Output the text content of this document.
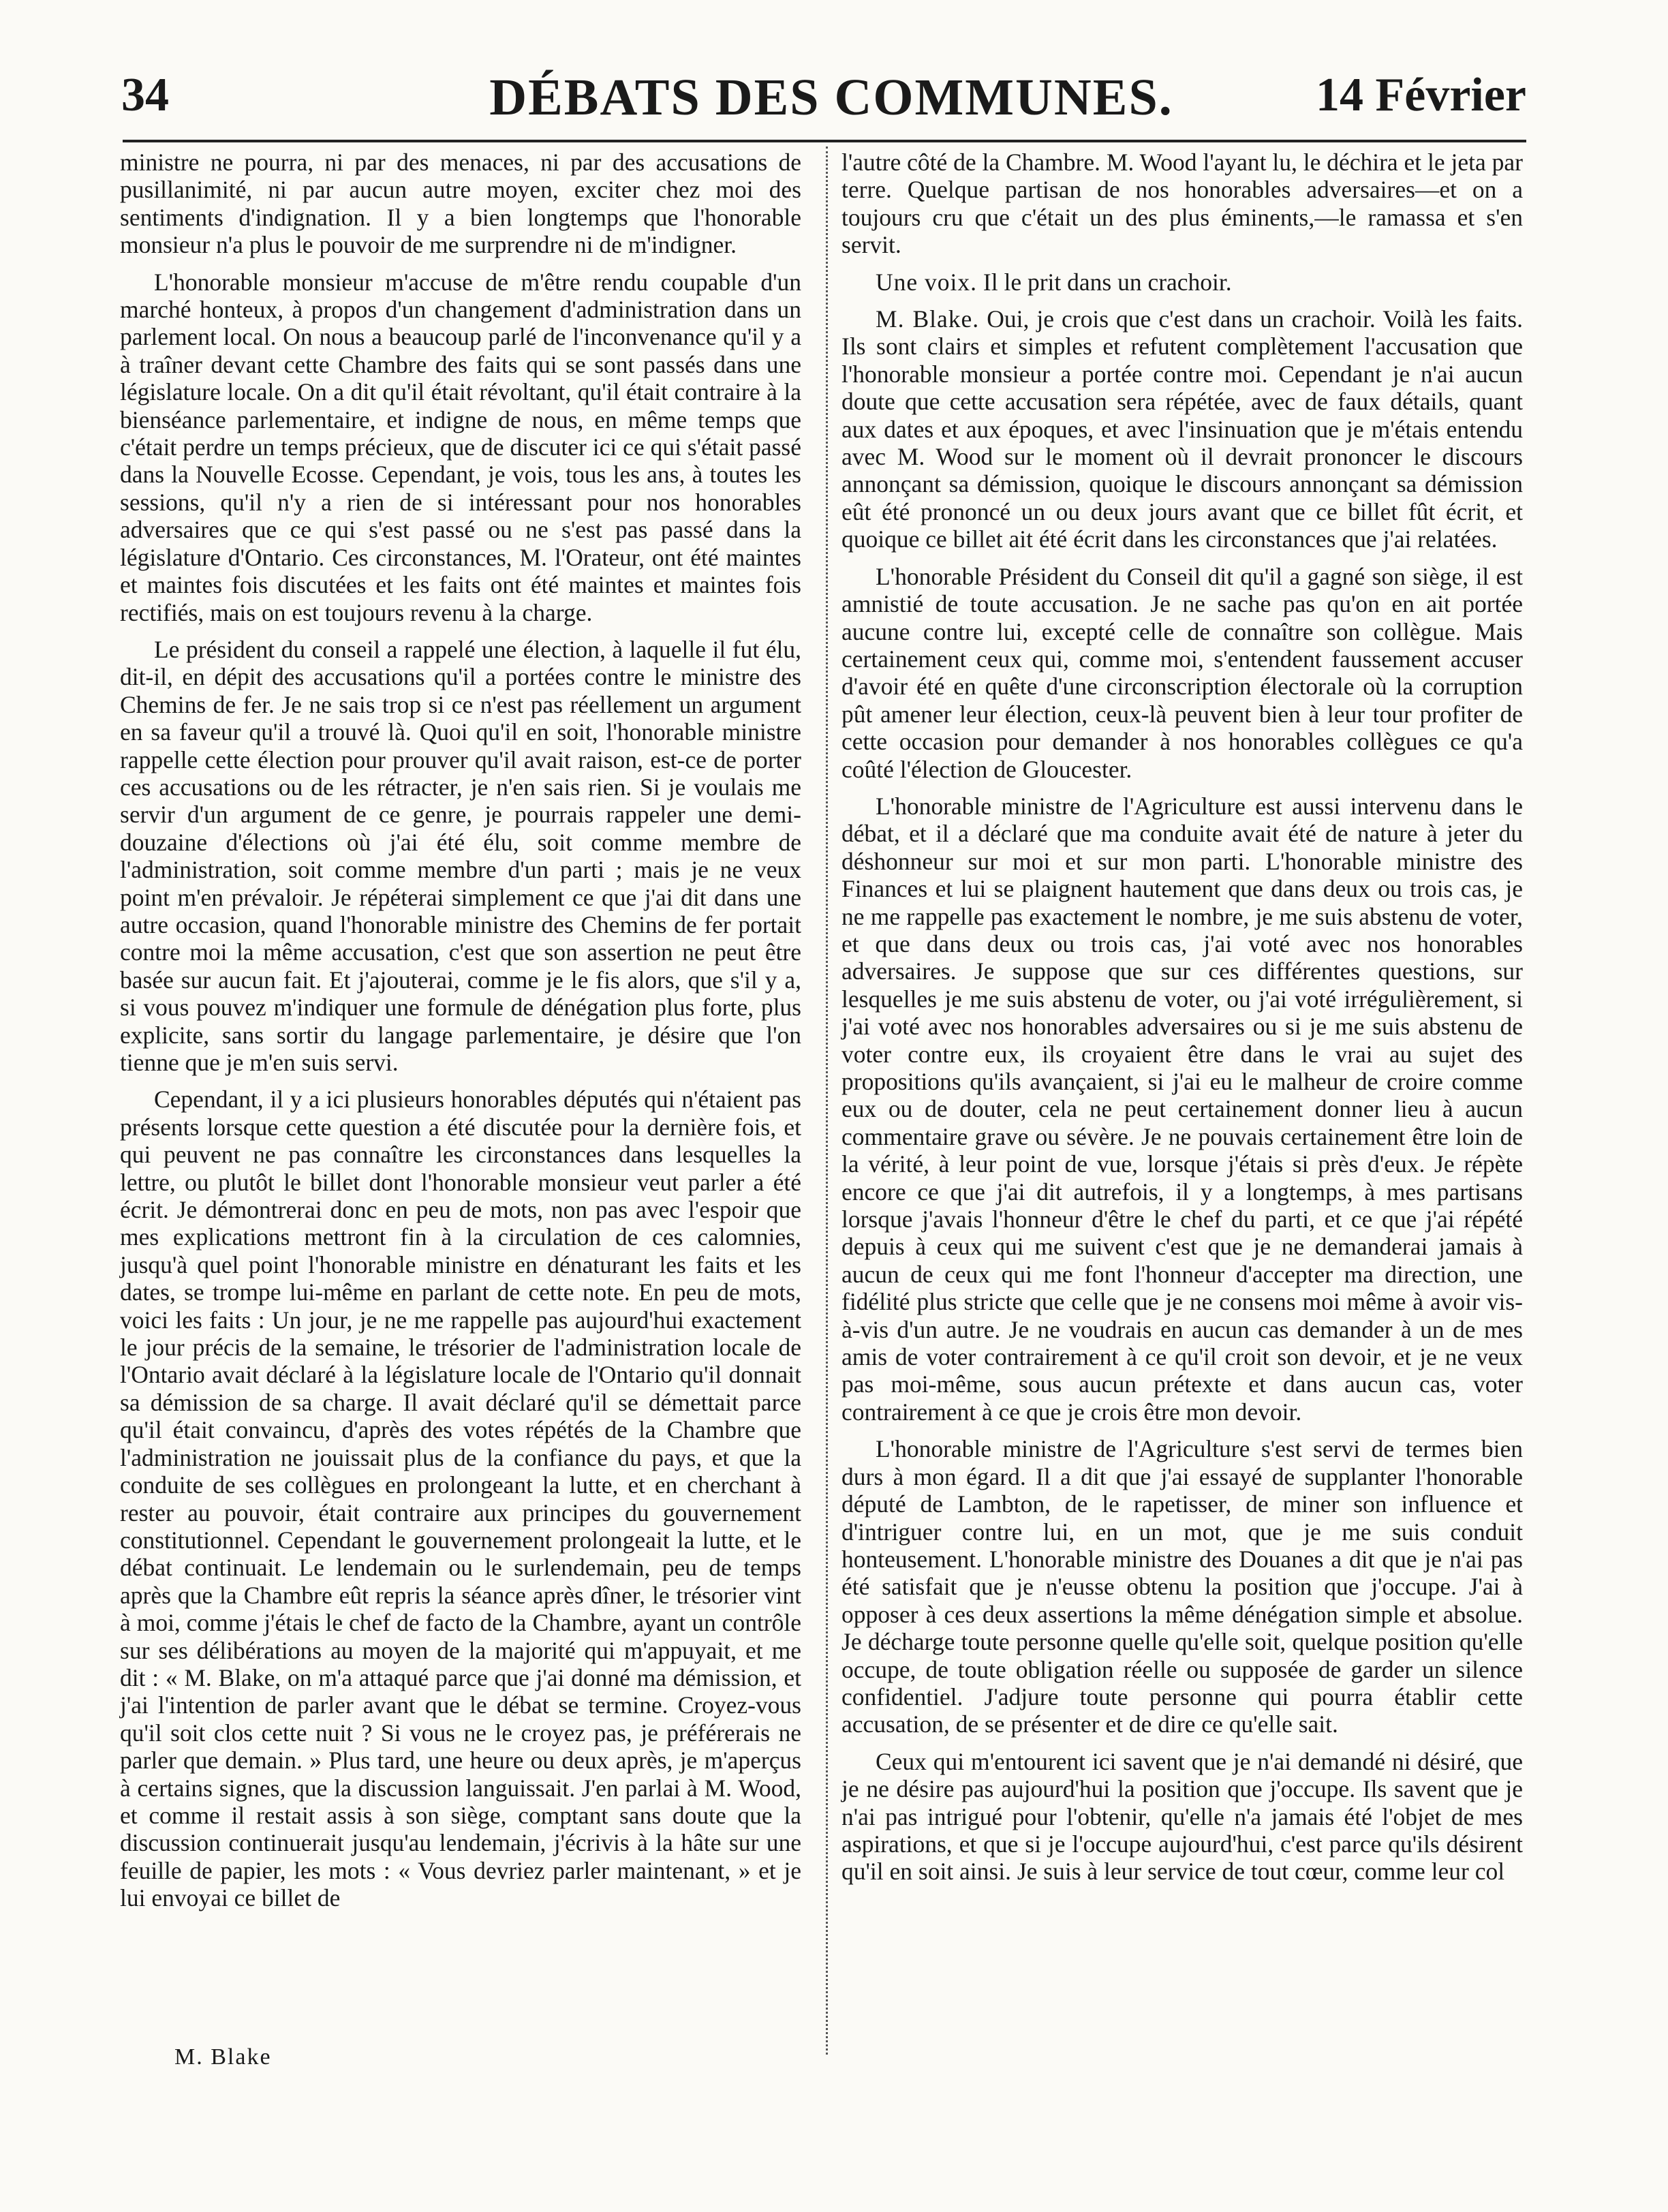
34	DÉBATS DES COMMUNES.	14 Février

ministre ne pourra, ni par des menaces, ni par des accusations de pusillanimité, ni par aucun autre moyen, exciter chez moi des sentiments d'indignation. Il y a bien longtemps que l'honorable monsieur n'a plus le pouvoir de me surprendre ni de m'indigner.

L'honorable monsieur m'accuse de m'être rendu coupable d'un marché honteux, à propos d'un changement d'administration dans un parlement local. On nous a beaucoup parlé de l'inconvenance qu'il y a à traîner devant cette Chambre des faits qui se sont passés dans une législature locale. On a dit qu'il était révoltant, qu'il était contraire à la bienséance parlementaire, et indigne de nous, en même temps que c'était perdre un temps précieux, que de discuter ici ce qui s'était passé dans la Nouvelle Ecosse. Cependant, je vois, tous les ans, à toutes les sessions, qu'il n'y a rien de si intéressant pour nos honorables adversaires que ce qui s'est passé ou ne s'est pas passé dans la législature d'Ontario. Ces circonstances, M. l'Orateur, ont été maintes et maintes fois discutées et les faits ont été maintes et maintes fois rectifiés, mais on est toujours revenu à la charge.

Le président du conseil a rappelé une élection, à laquelle il fut élu, dit-il, en dépit des accusations qu'il a portées contre le ministre des Chemins de fer. Je ne sais trop si ce n'est pas réellement un argument en sa faveur qu'il a trouvé là. Quoi qu'il en soit, l'honorable ministre rappelle cette élection pour prouver qu'il avait raison, est-ce de porter ces accusations ou de les rétracter, je n'en sais rien. Si je voulais me servir d'un argument de ce genre, je pourrais rappeler une demi-douzaine d'élections où j'ai été élu, soit comme membre de l'administration, soit comme membre d'un parti ; mais je ne veux point m'en prévaloir. Je répéterai simplement ce que j'ai dit dans une autre occasion, quand l'honorable ministre des Chemins de fer portait contre moi la même accusation, c'est que son assertion ne peut être basée sur aucun fait. Et j'ajouterai, comme je le fis alors, que s'il y a, si vous pouvez m'indiquer une formule de dénégation plus forte, plus explicite, sans sortir du langage parlementaire, je désire que l'on tienne que je m'en suis servi.

Cependant, il y a ici plusieurs honorables députés qui n'étaient pas présents lorsque cette question a été discutée pour la dernière fois, et qui peuvent ne pas connaître les circonstances dans lesquelles la lettre, ou plutôt le billet dont l'honorable monsieur veut parler a été écrit. Je démontrerai donc en peu de mots, non pas avec l'espoir que mes explications mettront fin à la circulation de ces calomnies, jusqu'à quel point l'honorable ministre en dénaturant les faits et les dates, se trompe lui-même en parlant de cette note. En peu de mots, voici les faits : Un jour, je ne me rappelle pas aujourd'hui exactement le jour précis de la semaine, le trésorier de l'administration locale de l'Ontario avait déclaré à la législature locale de l'Ontario qu'il donnait sa démission de sa charge. Il avait déclaré qu'il se démettait parce qu'il était convaincu, d'après des votes répétés de la Chambre que l'administration ne jouissait plus de la confiance du pays, et que la conduite de ses collègues en prolongeant la lutte, et en cherchant à rester au pouvoir, était contraire aux principes du gouvernement constitutionnel. Cependant le gouvernement prolongeait la lutte, et le débat continuait. Le lendemain ou le surlendemain, peu de temps après que la Chambre eût repris la séance après dîner, le trésorier vint à moi, comme j'étais le chef de facto de la Chambre, ayant un contrôle sur ses délibérations au moyen de la majorité qui m'appuyait, et me dit : « M. Blake, on m'a attaqué parce que j'ai donné ma démission, et j'ai l'intention de parler avant que le débat se termine. Croyez-vous qu'il soit clos cette nuit ? Si vous ne le croyez pas, je préférerais ne parler que demain. » Plus tard, une heure ou deux après, je m'aperçus à certains signes, que la discussion languissait. J'en parlai à M. Wood, et comme il restait assis à son siège, comptant sans doute que la discussion continuerait jusqu'au lendemain, j'écrivis à la hâte sur une feuille de papier, les mots : « Vous devriez parler maintenant, » et je lui envoyai ce billet de

l'autre côté de la Chambre. M. Wood l'ayant lu, le déchira et le jeta par terre. Quelque partisan de nos honorables adversaires—et on a toujours cru que c'était un des plus éminents,—le ramassa et s'en servit.

Une voix. Il le prit dans un crachoir.

M. Blake. Oui, je crois que c'est dans un crachoir. Voilà les faits. Ils sont clairs et simples et refutent complètement l'accusation que l'honorable monsieur a portée contre moi. Cependant je n'ai aucun doute que cette accusation sera répétée, avec de faux détails, quant aux dates et aux époques, et avec l'insinuation que je m'étais entendu avec M. Wood sur le moment où il devrait prononcer le discours annonçant sa démission, quoique le discours annonçant sa démission eût été prononcé un ou deux jours avant que ce billet fût écrit, et quoique ce billet ait été écrit dans les circonstances que j'ai relatées.

L'honorable Président du Conseil dit qu'il a gagné son siège, il est amnistié de toute accusation. Je ne sache pas qu'on en ait portée aucune contre lui, excepté celle de connaître son collègue. Mais certainement ceux qui, comme moi, s'entendent faussement accuser d'avoir été en quête d'une circonscription électorale où la corruption pût amener leur élection, ceux-là peuvent bien à leur tour profiter de cette occasion pour demander à nos honorables collègues ce qu'a coûté l'élection de Gloucester.

L'honorable ministre de l'Agriculture est aussi intervenu dans le débat, et il a déclaré que ma conduite avait été de nature à jeter du déshonneur sur moi et sur mon parti. L'honorable ministre des Finances et lui se plaignent hautement que dans deux ou trois cas, je ne me rappelle pas exactement le nombre, je me suis abstenu de voter, et que dans deux ou trois cas, j'ai voté avec nos honorables adversaires. Je suppose que sur ces différentes questions, sur lesquelles je me suis abstenu de voter, ou j'ai voté irrégulièrement, si j'ai voté avec nos honorables adversaires ou si je me suis abstenu de voter contre eux, ils croyaient être dans le vrai au sujet des propositions qu'ils avançaient, si j'ai eu le malheur de croire comme eux ou de douter, cela ne peut certainement donner lieu à aucun commentaire grave ou sévère. Je ne pouvais certainement être loin de la vérité, à leur point de vue, lorsque j'étais si près d'eux. Je répète encore ce que j'ai dit autrefois, il y a longtemps, à mes partisans lorsque j'avais l'honneur d'être le chef du parti, et ce que j'ai répété depuis à ceux qui me suivent c'est que je ne demanderai jamais à aucun de ceux qui me font l'honneur d'accepter ma direction, une fidélité plus stricte que celle que je ne consens moi même à avoir vis-à-vis d'un autre. Je ne voudrais en aucun cas demander à un de mes amis de voter contrairement à ce qu'il croit son devoir, et je ne veux pas moi-même, sous aucun prétexte et dans aucun cas, voter contrairement à ce que je crois être mon devoir.

L'honorable ministre de l'Agriculture s'est servi de termes bien durs à mon égard. Il a dit que j'ai essayé de supplanter l'honorable député de Lambton, de le rapetisser, de miner son influence et d'intriguer contre lui, en un mot, que je me suis conduit honteusement. L'honorable ministre des Douanes a dit que je n'ai pas été satisfait que je n'eusse obtenu la position que j'occupe. J'ai à opposer à ces deux assertions la même dénégation simple et absolue. Je décharge toute personne quelle qu'elle soit, quelque position qu'elle occupe, de toute obligation réelle ou supposée de garder un silence confidentiel. J'adjure toute personne qui pourra établir cette accusation, de se présenter et de dire ce qu'elle sait.

Ceux qui m'entourent ici savent que je n'ai demandé ni désiré, que je ne désire pas aujourd'hui la position que j'occupe. Ils savent que je n'ai pas intrigué pour l'obtenir, qu'elle n'a jamais été l'objet de mes aspirations, et que si je l'occupe aujourd'hui, c'est parce qu'ils désirent qu'il en soit ainsi. Je suis à leur service de tout cœur, comme leur col

M. Blake
